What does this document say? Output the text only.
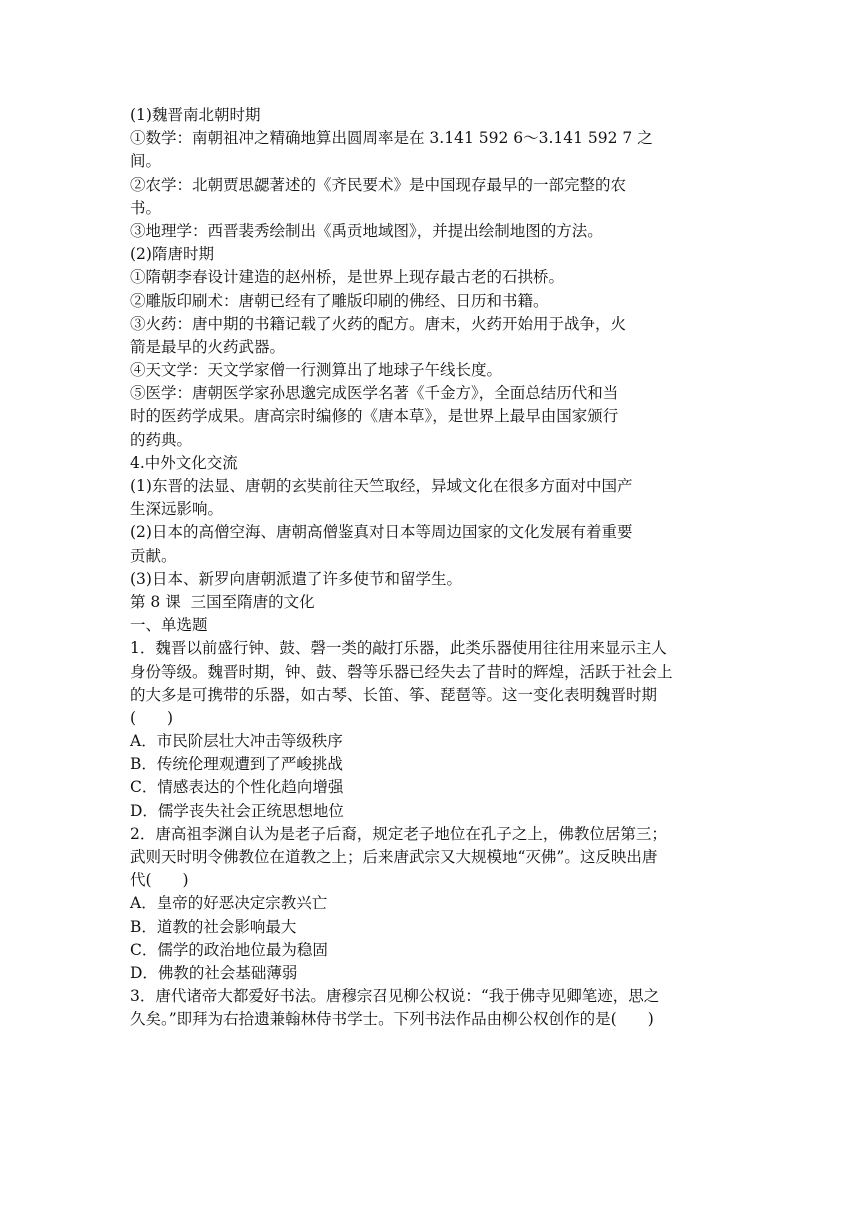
(1)魏晋南北朝时期
①数学：南朝祖冲之精确地算出圆周率是在 3.141 592 6～3.141 592 7 之
间。
②农学：北朝贾思勰著述的《齐民要术》是中国现存最早的一部完整的农
书。
③地理学：西晋裴秀绘制出《禹贡地域图》，并提出绘制地图的方法。
(2)隋唐时期
①隋朝李春设计建造的赵州桥，是世界上现存最古老的石拱桥。
②雕版印刷术：唐朝已经有了雕版印刷的佛经、日历和书籍。
③火药：唐中期的书籍记载了火药的配方。唐末，火药开始用于战争，火
箭是最早的火药武器。
④天文学：天文学家僧一行测算出了地球子午线长度。
⑤医学：唐朝医学家孙思邈完成医学名著《千金方》，全面总结历代和当
时的医药学成果。唐高宗时编修的《唐本草》，是世界上最早由国家颁行
的药典。
4.中外文化交流
(1)东晋的法显、唐朝的玄奘前往天竺取经，异域文化在很多方面对中国产
生深远影响。
(2)日本的高僧空海、唐朝高僧鉴真对日本等周边国家的文化发展有着重要
贡献。
(3)日本、新罗向唐朝派遣了许多使节和留学生。
第 8 课  三国至隋唐的文化
一、单选题
1．魏晋以前盛行钟、鼓、磬一类的敲打乐器，此类乐器使用往往用来显示主人
身份等级。魏晋时期，钟、鼓、磬等乐器已经失去了昔时的辉煌，活跃于社会上
的大多是可携带的乐器，如古琴、长笛、筝、琵琶等。这一变化表明魏晋时期
(　　)
A．市民阶层壮大冲击等级秩序
B．传统伦理观遭到了严峻挑战
C．情感表达的个性化趋向增强
D．儒学丧失社会正统思想地位
2．唐高祖李渊自认为是老子后裔，规定老子地位在孔子之上，佛教位居第三；
武则天时明令佛教位在道教之上；后来唐武宗又大规模地“灭佛”。这反映出唐
代(　　)
A．皇帝的好恶决定宗教兴亡
B．道教的社会影响最大
C．儒学的政治地位最为稳固
D．佛教的社会基础薄弱
3．唐代诸帝大都爱好书法。唐穆宗召见柳公权说：“我于佛寺见卿笔迹，思之
久矣。”即拜为右拾遗兼翰林侍书学士。下列书法作品由柳公权创作的是(　　)
